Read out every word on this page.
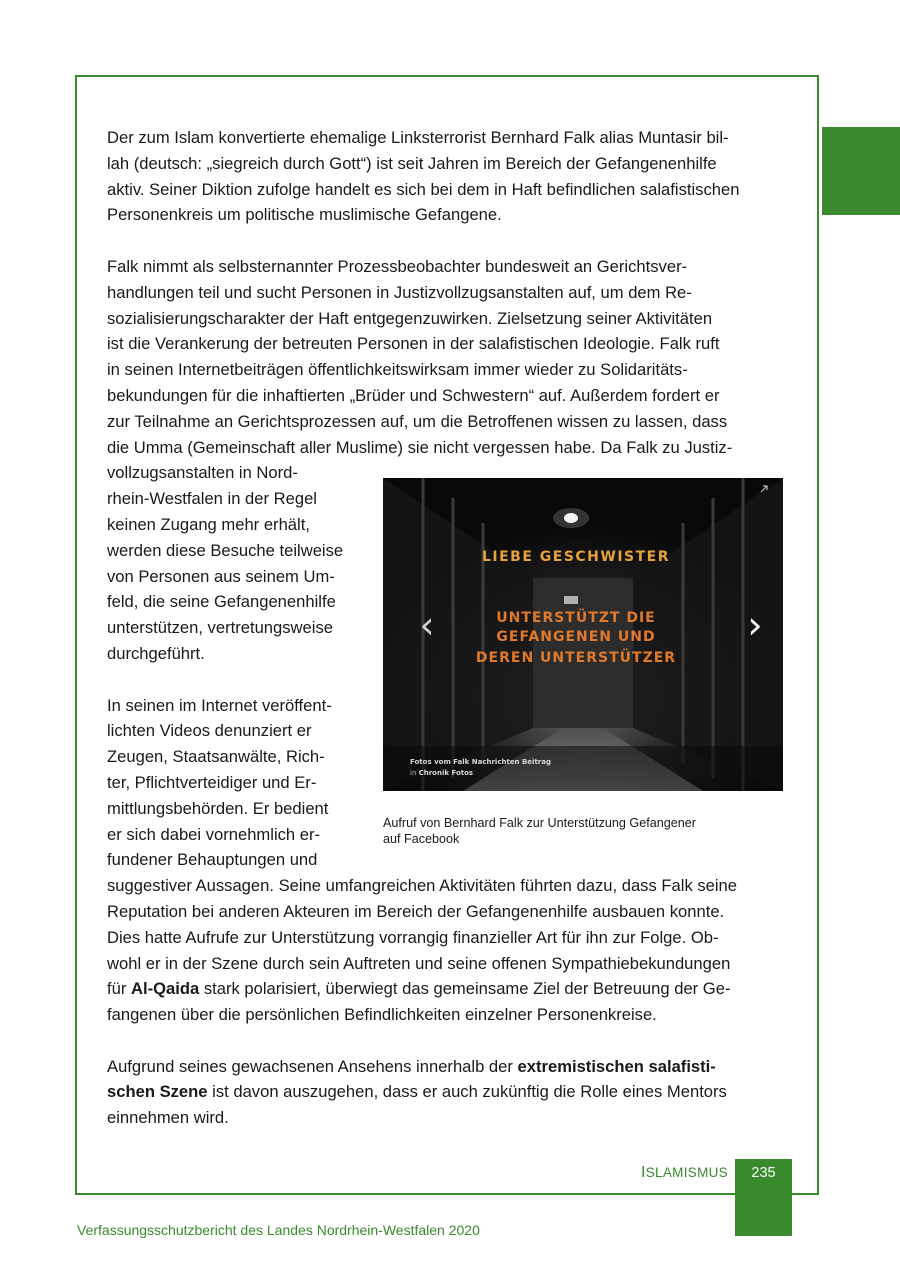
Der zum Islam konvertierte ehemalige Linksterrorist Bernhard Falk alias Muntasir bil-
lah (deutsch: „siegreich durch Gott“) ist seit Jahren im Bereich der Gefangenenhilfe
aktiv. Seiner Diktion zufolge handelt es sich bei dem in Haft befindlichen salafistischen
Personenkreis um politische muslimische Gefangene.

Falk nimmt als selbsternannter Prozessbeobachter bundesweit an Gerichtsver-
handlungen teil und sucht Personen in Justizvollzugsanstalten auf, um dem Re-
sozialisierungscharakter der Haft entgegenzuwirken. Zielsetzung seiner Aktivitäten
ist die Verankerung der betreuten Personen in der salafistischen Ideologie. Falk ruft
in seinen Internetbeiträgen öffentlichkeitswirksam immer wieder zu Solidaritäts-
bekundungen für die inhaftierten „Brüder und Schwestern“ auf. Außerdem fordert er
zur Teilnahme an Gerichtsprozessen auf, um die Betroffenen wissen zu lassen, dass
die Umma (Gemeinschaft aller Muslime) sie nicht vergessen habe. Da Falk zu Justiz-
vollzugsanstalten in Nord-
rhein-Westfalen in der Regel
keinen Zugang mehr erhält,
werden diese Besuche teilweise
von Personen aus seinem Um-
feld, die seine Gefangenenhilfe
unterstützen, vertretungsweise
durchgeführt.

In seinen im Internet veröffent-
lichten Videos denunziert er
Zeugen, Staatsanwälte, Rich-
ter, Pflichtverteidiger und Er-
mittlungsbehörden. Er bedient
er sich dabei vornehmlich er-
fundener Behauptungen und
suggestiver Aussagen. Seine umfangreichen Aktivitäten führten dazu, dass Falk seine
Reputation bei anderen Akteuren im Bereich der Gefangenenhilfe ausbauen konnte.
Dies hatte Aufrufe zur Unterstützung vorrangig finanzieller Art für ihn zur Folge. Ob-
wohl er in der Szene durch sein Auftreten und seine offenen Sympathiebekundungen
für Al-Qaida stark polarisiert, überwiegt das gemeinsame Ziel der Betreuung der Ge-
fangenen über die persönlichen Befindlichkeiten einzelner Personenkreise.

Aufgrund seines gewachsenen Ansehens innerhalb der extremistischen salafisti-
schen Szene ist davon auszugehen, dass er auch zukünftig die Rolle eines Mentors
einnehmen wird.

LIEBE GESCHWISTER
UNTERSTÜTZT DIE
GEFANGENEN UND
DEREN UNTERSTÜTZER
‹	›
Fotos vom Falk Nachrichten Beitrag
in Chronik Fotos
Aufruf von Bernhard Falk zur Unterstützung Gefangener
auf Facebook
ISLAMISMUS	235
Verfassungsschutzbericht des Landes Nordrhein-Westfalen 2020
